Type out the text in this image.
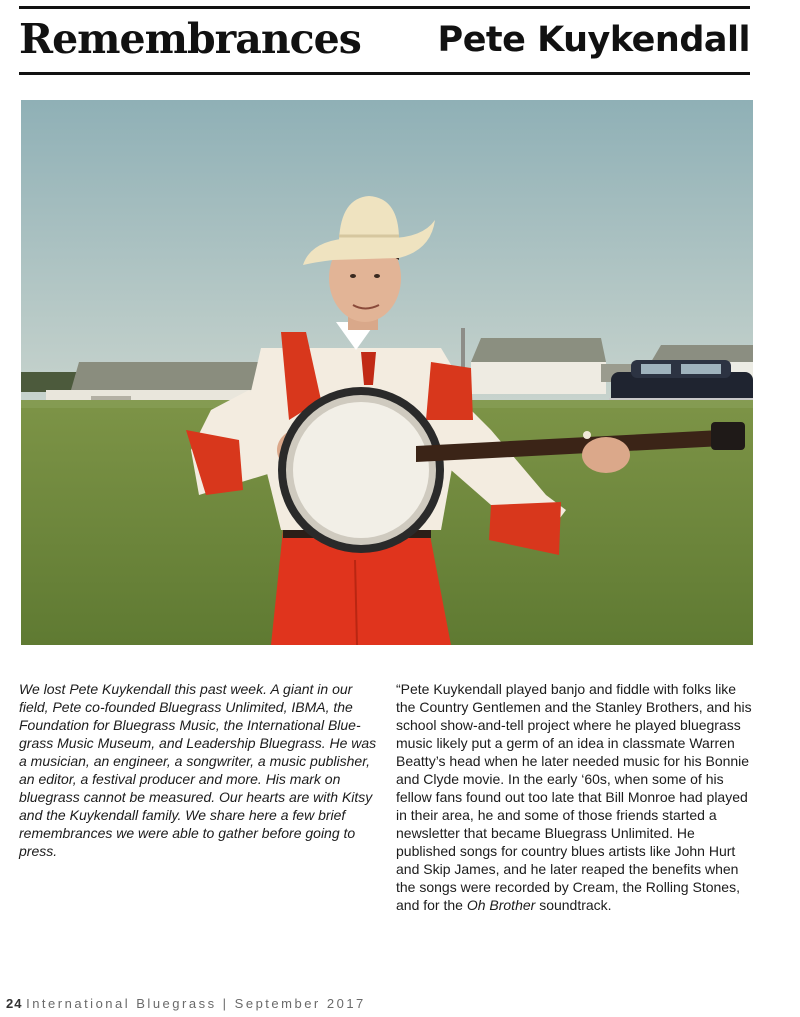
Remembrances Pete Kuykendall

We lost Pete Kuykendall this past week. A giant in our field, Pete co-founded Bluegrass Unlimited, IBMA, the Foundation for Bluegrass Music, the International Blue-grass Music Museum, and Leadership Bluegrass. He was a musician, an engineer, a songwriter, a music publisher, an editor, a festival producer and more. His mark on bluegrass cannot be measured. Our hearts are with Kitsy and the Kuykendall family. We share here a few brief remembrances we were able to gather before going to press.

“Pete Kuykendall played banjo and fiddle with folks like the Country Gentlemen and the Stanley Brothers, and his school show-and-tell project where he played bluegrass music likely put a germ of an idea in classmate Warren Beatty’s head when he later needed music for his Bonnie and Clyde movie. In the early ‘60s, when some of his fellow fans found out too late that Bill Monroe had played in their area, he and some of those friends started a newsletter that became Bluegrass Unlimited. He published songs for country blues artists like John Hurt and Skip James, and he later reaped the benefits when the songs were recorded by Cream, the Rolling Stones, and for the Oh Brother soundtrack.

24 International Bluegrass | September 2017
